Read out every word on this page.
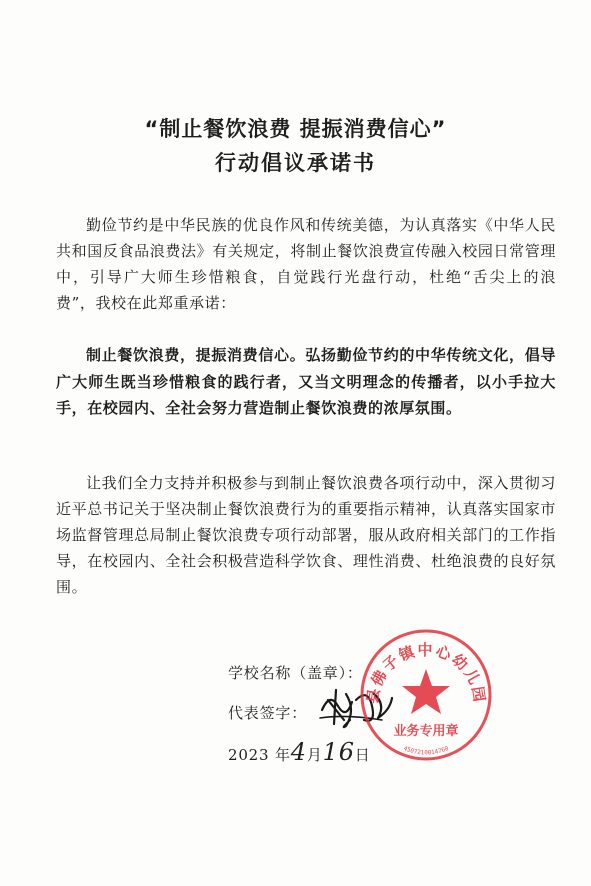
“制止餐饮浪费 提振消费信心”
行动倡议承诺书
勤俭节约是中华民族的优良作风和传统美德，为认真落实《中华人民共和国反食品浪费法》有关规定，将制止餐饮浪费宣传融入校园日常管理中，引导广大师生珍惜粮食，自觉践行光盘行动，杜绝“舌尖上的浪费”，我校在此郑重承诺：
制止餐饮浪费，提振消费信心。弘扬勤俭节约的中华传统文化，倡导广大师生既当珍惜粮食的践行者，又当文明理念的传播者，以小手拉大手，在校园内、全社会努力营造制止餐饮浪费的浓厚氛围。
让我们全力支持并积极参与到制止餐饮浪费各项行动中，深入贯彻习近平总书记关于坚决制止餐饮浪费行为的重要指示精神，认真落实国家市场监督管理总局制止餐饮浪费专项行动部署，服从政府相关部门的工作指导，在校园内、全社会积极营造科学饮食、理性消费、杜绝浪费的良好氛围。
学校名称（盖章）：
代表签字：
2023 年4月16日
县佛子镇中心幼儿园
业务专用章
4507210014760
